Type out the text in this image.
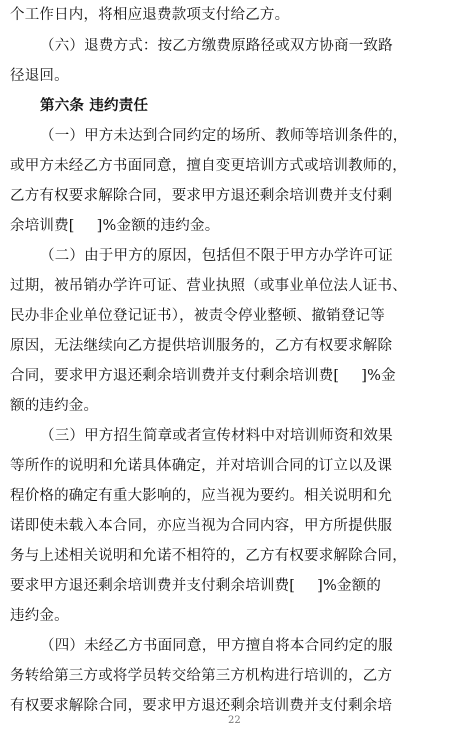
个工作日内，将相应退费款项支付给乙方。
（六）退费方式：按乙方缴费原路径或双方协商一致路
径退回。
第六条 违约责任
（一）甲方未达到合同约定的场所、教师等培训条件的，
或甲方未经乙方书面同意，擅自变更培训方式或培训教师的，
乙方有权要求解除合同，要求甲方退还剩余培训费并支付剩
余培训费[ ]%金额的违约金。
（二）由于甲方的原因，包括但不限于甲方办学许可证
过期，被吊销办学许可证、营业执照（或事业单位法人证书、
民办非企业单位登记证书），被责令停业整顿、撤销登记等
原因，无法继续向乙方提供培训服务的，乙方有权要求解除
合同，要求甲方退还剩余培训费并支付剩余培训费[ ]%金
额的违约金。
（三）甲方招生简章或者宣传材料中对培训师资和效果
等所作的说明和允诺具体确定，并对培训合同的订立以及课
程价格的确定有重大影响的，应当视为要约。相关说明和允
诺即使未载入本合同，亦应当视为合同内容，甲方所提供服
务与上述相关说明和允诺不相符的，乙方有权要求解除合同，
要求甲方退还剩余培训费并支付剩余培训费[ ]%金额的
违约金。
（四）未经乙方书面同意，甲方擅自将本合同约定的服
务转给第三方或将学员转交给第三方机构进行培训的，乙方
有权要求解除合同，要求甲方退还剩余培训费并支付剩余培
22
